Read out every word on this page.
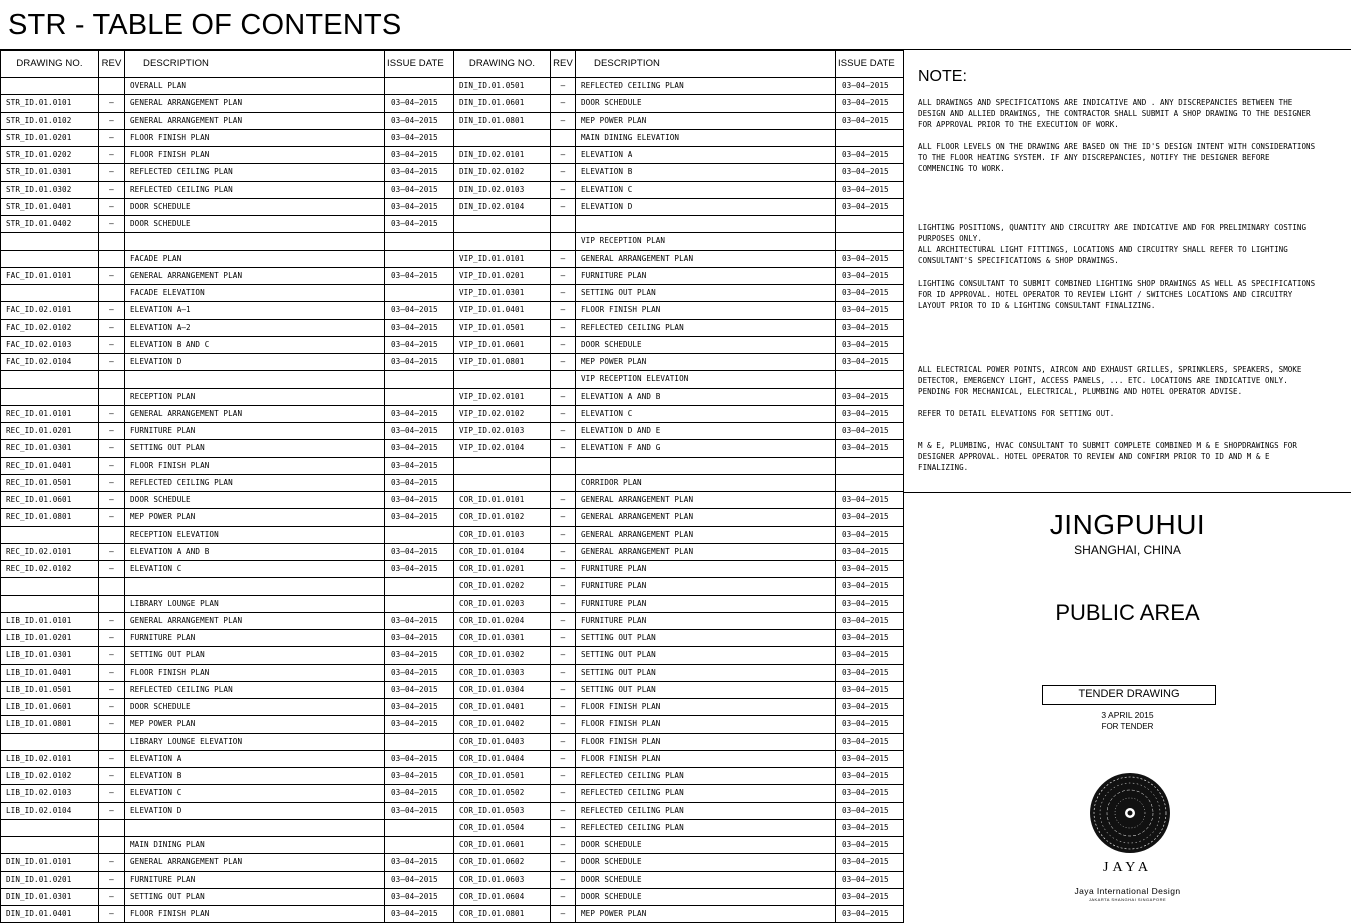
STR - TABLE OF CONTENTS
DRAWING NO.	REV	DESCRIPTION	ISSUE DATE
		OVERALL PLAN	
STR_ID.01.0101	–	GENERAL ARRANGEMENT PLAN	03–04–2015
STR_ID.01.0102	–	GENERAL ARRANGEMENT PLAN	03–04–2015
STR_ID.01.0201	–	FLOOR FINISH PLAN	03–04–2015
STR_ID.01.0202	–	FLOOR FINISH PLAN	03–04–2015
STR_ID.01.0301	–	REFLECTED CEILING PLAN	03–04–2015
STR_ID.01.0302	–	REFLECTED CEILING PLAN	03–04–2015
STR_ID.01.0401	–	DOOR SCHEDULE	03–04–2015
STR_ID.01.0402	–	DOOR SCHEDULE	03–04–2015

		FACADE PLAN	
FAC_ID.01.0101	–	GENERAL ARRANGEMENT PLAN	03–04–2015
		FACADE ELEVATION	
FAC_ID.02.0101	–	ELEVATION A–1	03–04–2015
FAC_ID.02.0102	–	ELEVATION A–2	03–04–2015
FAC_ID.02.0103	–	ELEVATION B AND C	03–04–2015
FAC_ID.02.0104	–	ELEVATION D	03–04–2015

		RECEPTION PLAN	
REC_ID.01.0101	–	GENERAL ARRANGEMENT PLAN	03–04–2015
REC_ID.01.0201	–	FURNITURE PLAN	03–04–2015
REC_ID.01.0301	–	SETTING OUT PLAN	03–04–2015
REC_ID.01.0401	–	FLOOR FINISH PLAN	03–04–2015
REC_ID.01.0501	–	REFLECTED CEILING PLAN	03–04–2015
REC_ID.01.0601	–	DOOR SCHEDULE	03–04–2015
REC_ID.01.0801	–	MEP POWER PLAN	03–04–2015
		RECEPTION ELEVATION	
REC_ID.02.0101	–	ELEVATION A AND B	03–04–2015
REC_ID.02.0102	–	ELEVATION C	03–04–2015

		LIBRARY LOUNGE PLAN	
LIB_ID.01.0101	–	GENERAL ARRANGEMENT PLAN	03–04–2015
LIB_ID.01.0201	–	FURNITURE PLAN	03–04–2015
LIB_ID.01.0301	–	SETTING OUT PLAN	03–04–2015
LIB_ID.01.0401	–	FLOOR FINISH PLAN	03–04–2015
LIB_ID.01.0501	–	REFLECTED CEILING PLAN	03–04–2015
LIB_ID.01.0601	–	DOOR SCHEDULE	03–04–2015
LIB_ID.01.0801	–	MEP POWER PLAN	03–04–2015
		LIBRARY LOUNGE ELEVATION	
LIB_ID.02.0101	–	ELEVATION A	03–04–2015
LIB_ID.02.0102	–	ELEVATION B	03–04–2015
LIB_ID.02.0103	–	ELEVATION C	03–04–2015
LIB_ID.02.0104	–	ELEVATION D	03–04–2015

		MAIN DINING PLAN	
DIN_ID.01.0101	–	GENERAL ARRANGEMENT PLAN	03–04–2015
DIN_ID.01.0201	–	FURNITURE PLAN	03–04–2015
DIN_ID.01.0301	–	SETTING OUT PLAN	03–04–2015
DIN_ID.01.0401	–	FLOOR FINISH PLAN	03–04–2015
DRAWING NO.	REV	DESCRIPTION	ISSUE DATE
DIN_ID.01.0501	–	REFLECTED CEILING PLAN	03–04–2015
DIN_ID.01.0601	–	DOOR SCHEDULE	03–04–2015
DIN_ID.01.0801	–	MEP POWER PLAN	03–04–2015
		MAIN DINING ELEVATION	
DIN_ID.02.0101	–	ELEVATION A	03–04–2015
DIN_ID.02.0102	–	ELEVATION B	03–04–2015
DIN_ID.02.0103	–	ELEVATION C	03–04–2015
DIN_ID.02.0104	–	ELEVATION D	03–04–2015

		VIP RECEPTION PLAN	
VIP_ID.01.0101	–	GENERAL ARRANGEMENT PLAN	03–04–2015
VIP_ID.01.0201	–	FURNITURE PLAN	03–04–2015
VIP_ID.01.0301	–	SETTING OUT PLAN	03–04–2015
VIP_ID.01.0401	–	FLOOR FINISH PLAN	03–04–2015
VIP_ID.01.0501	–	REFLECTED CEILING PLAN	03–04–2015
VIP_ID.01.0601	–	DOOR SCHEDULE	03–04–2015
VIP_ID.01.0801	–	MEP POWER PLAN	03–04–2015
		VIP RECEPTION ELEVATION	
VIP_ID.02.0101	–	ELEVATION A AND B	03–04–2015
VIP_ID.02.0102	–	ELEVATION C	03–04–2015
VIP_ID.02.0103	–	ELEVATION D AND E	03–04–2015
VIP_ID.02.0104	–	ELEVATION F AND G	03–04–2015

		CORRIDOR PLAN	
COR_ID.01.0101	–	GENERAL ARRANGEMENT PLAN	03–04–2015
COR_ID.01.0102	–	GENERAL ARRANGEMENT PLAN	03–04–2015
COR_ID.01.0103	–	GENERAL ARRANGEMENT PLAN	03–04–2015
COR_ID.01.0104	–	GENERAL ARRANGEMENT PLAN	03–04–2015
COR_ID.01.0201	–	FURNITURE PLAN	03–04–2015
COR_ID.01.0202	–	FURNITURE PLAN	03–04–2015
COR_ID.01.0203	–	FURNITURE PLAN	03–04–2015
COR_ID.01.0204	–	FURNITURE PLAN	03–04–2015
COR_ID.01.0301	–	SETTING OUT PLAN	03–04–2015
COR_ID.01.0302	–	SETTING OUT PLAN	03–04–2015
COR_ID.01.0303	–	SETTING OUT PLAN	03–04–2015
COR_ID.01.0304	–	SETTING OUT PLAN	03–04–2015
COR_ID.01.0401	–	FLOOR FINISH PLAN	03–04–2015
COR_ID.01.0402	–	FLOOR FINISH PLAN	03–04–2015
COR_ID.01.0403	–	FLOOR FINISH PLAN	03–04–2015
COR_ID.01.0404	–	FLOOR FINISH PLAN	03–04–2015
COR_ID.01.0501	–	REFLECTED CEILING PLAN	03–04–2015
COR_ID.01.0502	–	REFLECTED CEILING PLAN	03–04–2015
COR_ID.01.0503	–	REFLECTED CEILING PLAN	03–04–2015
COR_ID.01.0504	–	REFLECTED CEILING PLAN	03–04–2015
COR_ID.01.0601	–	DOOR SCHEDULE	03–04–2015
COR_ID.01.0602	–	DOOR SCHEDULE	03–04–2015
COR_ID.01.0603	–	DOOR SCHEDULE	03–04–2015
COR_ID.01.0604	–	DOOR SCHEDULE	03–04–2015
COR_ID.01.0801	–	MEP POWER PLAN	03–04–2015
NOTE:
ALL DRAWINGS AND SPECIFICATIONS ARE INDICATIVE AND . ANY DISCREPANCIES BETWEEN THE DESIGN AND ALLIED DRAWINGS, THE CONTRACTOR SHALL SUBMIT A SHOP DRAWING TO THE DESIGNER FOR APPROVAL PRIOR TO THE EXECUTION OF WORK.
ALL FLOOR LEVELS ON THE DRAWING ARE BASED ON THE ID'S DESIGN INTENT WITH CONSIDERATIONS TO THE FLOOR HEATING SYSTEM. IF ANY DISCREPANCIES, NOTIFY THE DESIGNER BEFORE COMMENCING TO WORK.
LIGHTING POSITIONS, QUANTITY AND CIRCUITRY ARE INDICATIVE AND FOR PRELIMINARY COSTING PURPOSES ONLY.
ALL ARCHITECTURAL LIGHT FITTINGS, LOCATIONS AND CIRCUITRY SHALL REFER TO LIGHTING CONSULTANT'S SPECIFICATIONS & SHOP DRAWINGS.
LIGHTING CONSULTANT TO SUBMIT COMBINED LIGHTING SHOP DRAWINGS AS WELL AS SPECIFICATIONS FOR ID APPROVAL. HOTEL OPERATOR TO REVIEW LIGHT / SWITCHES LOCATIONS AND CIRCUITRY LAYOUT PRIOR TO ID & LIGHTING CONSULTANT FINALIZING.
ALL ELECTRICAL POWER POINTS, AIRCON AND EXHAUST GRILLES, SPRINKLERS, SPEAKERS, SMOKE DETECTOR, EMERGENCY LIGHT, ACCESS PANELS, ... ETC. LOCATIONS ARE INDICATIVE ONLY.
PENDING FOR MECHANICAL, ELECTRICAL, PLUMBING AND HOTEL OPERATOR ADVISE.
REFER TO DETAIL ELEVATIONS FOR SETTING OUT.
M & E, PLUMBING, HVAC CONSULTANT TO SUBMIT COMPLETE COMBINED M & E SHOPDRAWINGS FOR DESIGNER APPROVAL. HOTEL OPERATOR TO REVIEW AND CONFIRM PRIOR TO ID AND M & E FINALIZING.
JINGPUHUI
SHANGHAI, CHINA
PUBLIC AREA
TENDER DRAWING
3 APRIL 2015
FOR TENDER
JAYA
Jaya International Design
JAKARTA SHANGHAI SINGAPORE
